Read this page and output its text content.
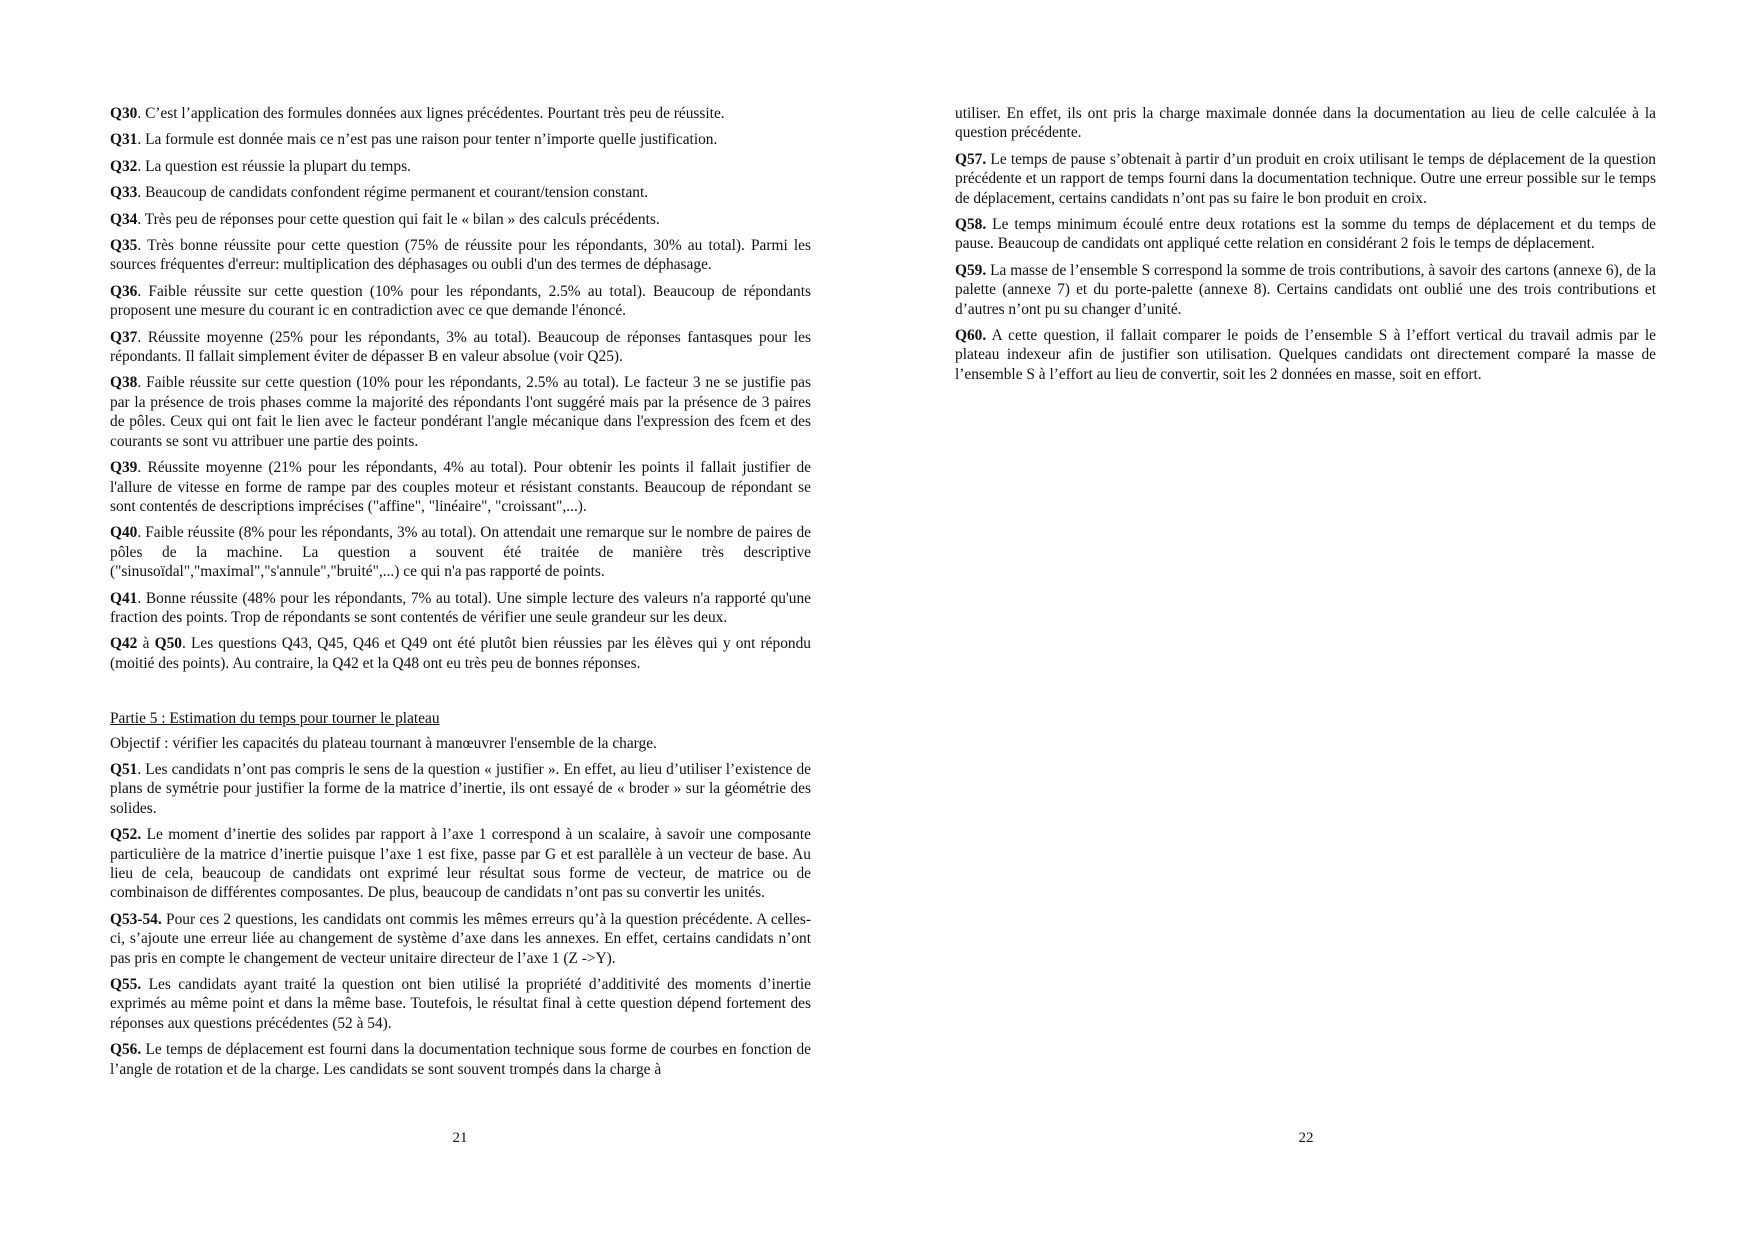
Q30. C’est l’application des formules données aux lignes précédentes. Pourtant très peu de réussite.

Q31. La formule est donnée mais ce n’est pas une raison pour tenter n’importe quelle justification.

Q32. La question est réussie la plupart du temps.

Q33. Beaucoup de candidats confondent régime permanent et courant/tension constant.

Q34. Très peu de réponses pour cette question qui fait le « bilan » des calculs précédents.

Q35. Très bonne réussite pour cette question (75% de réussite pour les répondants, 30% au total). Parmi les sources fréquentes d'erreur: multiplication des déphasages ou oubli d'un des termes de déphasage.

Q36. Faible réussite sur cette question (10% pour les répondants, 2.5% au total). Beaucoup de répondants proposent une mesure du courant ic en contradiction avec ce que demande l'énoncé.

Q37. Réussite moyenne (25% pour les répondants, 3% au total). Beaucoup de réponses fantasques pour les répondants. Il fallait simplement éviter de dépasser B en valeur absolue (voir Q25).

Q38. Faible réussite sur cette question (10% pour les répondants, 2.5% au total). Le facteur 3 ne se justifie pas par la présence de trois phases comme la majorité des répondants l'ont suggéré mais par la présence de 3 paires de pôles. Ceux qui ont fait le lien avec le facteur pondérant l'angle mécanique dans l'expression des fcem et des courants se sont vu attribuer une partie des points.

Q39. Réussite moyenne (21% pour les répondants, 4% au total). Pour obtenir les points il fallait justifier de l'allure de vitesse en forme de rampe par des couples moteur et résistant constants. Beaucoup de répondant se sont contentés de descriptions imprécises ("affine", "linéaire", "croissant",...).

Q40. Faible réussite (8% pour les répondants, 3% au total). On attendait une remarque sur le nombre de paires de pôles de la machine. La question a souvent été traitée de manière très descriptive ("sinusoïdal","maximal","s'annule","bruité",...) ce qui n'a pas rapporté de points.

Q41. Bonne réussite (48% pour les répondants, 7% au total). Une simple lecture des valeurs n'a rapporté qu'une fraction des points. Trop de répondants se sont contentés de vérifier une seule grandeur sur les deux.

Q42 à Q50. Les questions Q43, Q45, Q46 et Q49 ont été plutôt bien réussies par les élèves qui y ont répondu (moitié des points). Au contraire, la Q42 et la Q48 ont eu très peu de bonnes réponses.

Partie 5 : Estimation du temps pour tourner le plateau

Objectif : vérifier les capacités du plateau tournant à manœuvrer l'ensemble de la charge.

Q51. Les candidats n’ont pas compris le sens de la question « justifier ». En effet, au lieu d’utiliser l’existence de plans de symétrie pour justifier la forme de la matrice d’inertie, ils ont essayé de « broder » sur la géométrie des solides.

Q52. Le moment d’inertie des solides par rapport à l’axe 1 correspond à un scalaire, à savoir une composante particulière de la matrice d’inertie puisque l’axe 1 est fixe, passe par G et est parallèle à un vecteur de base. Au lieu de cela, beaucoup de candidats ont exprimé leur résultat sous forme de vecteur, de matrice ou de combinaison de différentes composantes. De plus, beaucoup de candidats n’ont pas su convertir les unités.

Q53-54. Pour ces 2 questions, les candidats ont commis les mêmes erreurs qu’à la question précédente. A celles-ci, s’ajoute une erreur liée au changement de système d’axe dans les annexes. En effet, certains candidats n’ont pas pris en compte le changement de vecteur unitaire directeur de l’axe 1 (Z ->Y).

Q55. Les candidats ayant traité la question ont bien utilisé la propriété d’additivité des moments d’inertie exprimés au même point et dans la même base. Toutefois, le résultat final à cette question dépend fortement des réponses aux questions précédentes (52 à 54).

Q56. Le temps de déplacement est fourni dans la documentation technique sous forme de courbes en fonction de l’angle de rotation et de la charge. Les candidats se sont souvent trompés dans la charge à

21

utiliser. En effet, ils ont pris la charge maximale donnée dans la documentation au lieu de celle calculée à la question précédente.

Q57. Le temps de pause s’obtenait à partir d’un produit en croix utilisant le temps de déplacement de la question précédente et un rapport de temps fourni dans la documentation technique. Outre une erreur possible sur le temps de déplacement, certains candidats n’ont pas su faire le bon produit en croix.

Q58. Le temps minimum écoulé entre deux rotations est la somme du temps de déplacement et du temps de pause. Beaucoup de candidats ont appliqué cette relation en considérant 2 fois le temps de déplacement.

Q59. La masse de l’ensemble S correspond la somme de trois contributions, à savoir des cartons (annexe 6), de la palette (annexe 7) et du porte-palette (annexe 8). Certains candidats ont oublié une des trois contributions et d’autres n’ont pu su changer d’unité.

Q60. A cette question, il fallait comparer le poids de l’ensemble S à l’effort vertical du travail admis par le plateau indexeur afin de justifier son utilisation. Quelques candidats ont directement comparé la masse de l’ensemble S à l’effort au lieu de convertir, soit les 2 données en masse, soit en effort.

22
